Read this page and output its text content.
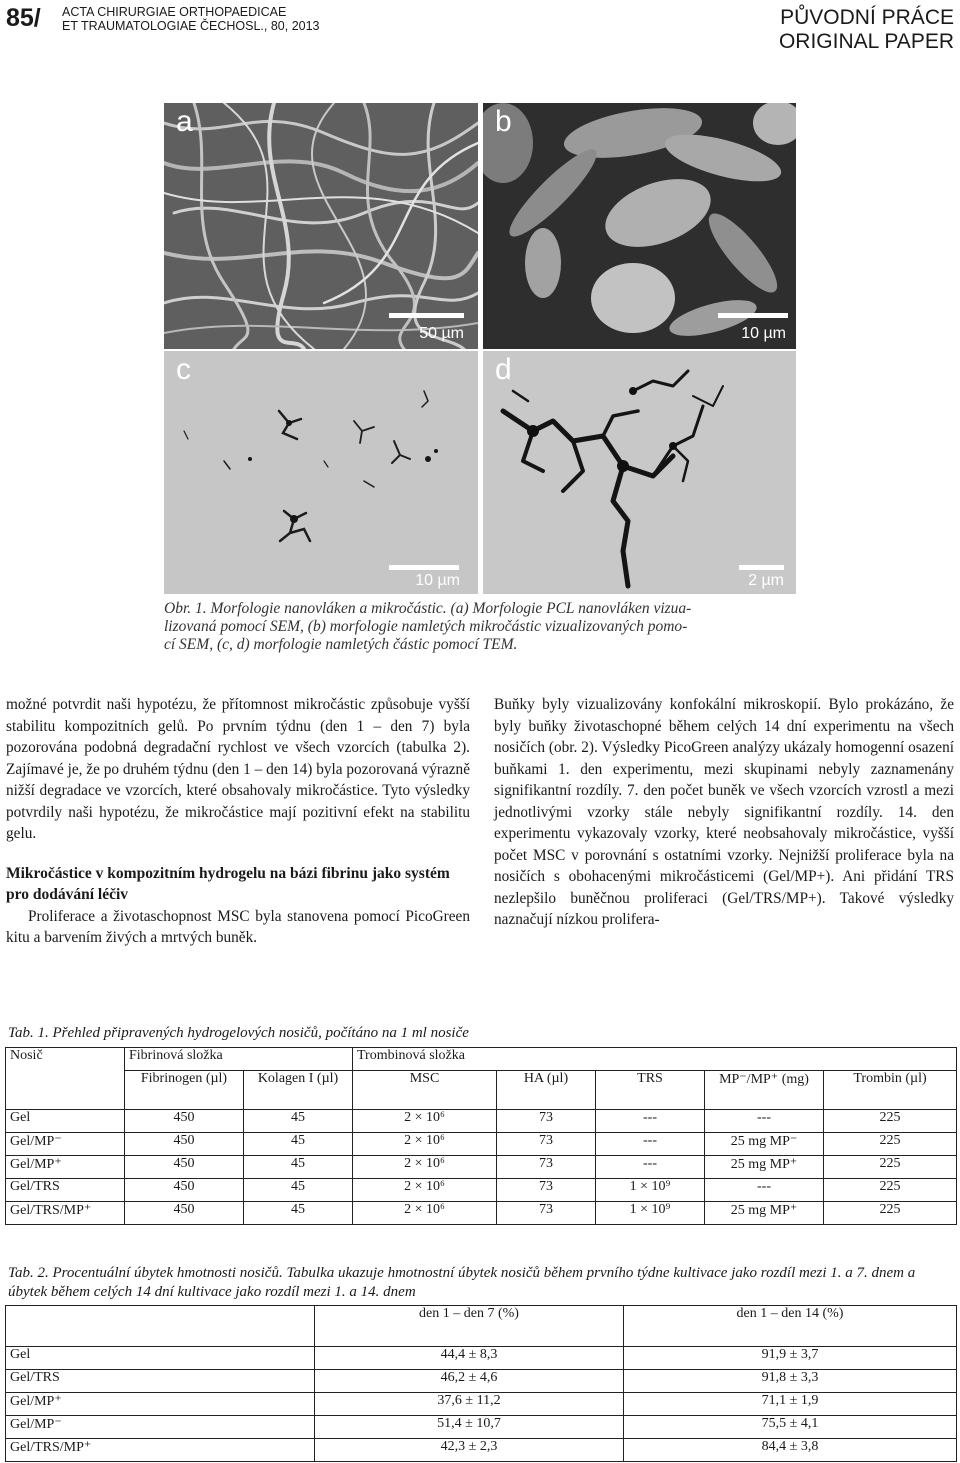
85/ ACTA CHIRURGIAE ORTHOPAEDICAE
ET TRAUMATOLOGIAE ČECHOSL., 80, 2013	PŮVODNÍ PRÁCE
ORIGINAL PAPER
a
50 µm
b
10 µm
c
10 µm
d
2 µm
Obr. 1. Morfologie nanovláken a mikročástic. (a) Morfologie PCL nanovláken vizua-
lizovaná pomocí SEM, (b) morfologie namletých mikročástic vizualizovaných pomo-
cí SEM, (c, d) morfologie namletých částic pomocí TEM.

možné potvrdit naši hypotézu, že přítomnost mikročástic způsobuje vyšší stabilitu kompozitních gelů. Po prvním týdnu (den 1 – den 7) byla pozorována podobná degradační rychlost ve všech vzorcích (tabulka 2). Zajímavé je, že po druhém týdnu (den 1 – den 14) byla pozorovaná výrazně nižší degradace ve vzorcích, které obsahovaly mikročástice. Tyto výsledky potvrdily naši hypotézu, že mikročástice mají pozitivní efekt na stabilitu gelu.

Mikročástice v kompozitním hydrogelu na bázi fibrinu jako systém pro dodávání léčiv

Proliferace a životaschopnost MSC byla stanovena pomocí PicoGreen kitu a barvením živých a mrtvých buněk.

Buňky byly vizualizovány konfokální mikroskopií. Bylo prokázáno, že byly buňky životaschopné během celých 14 dní experimentu na všech nosičích (obr. 2). Výsledky PicoGreen analýzy ukázaly homogenní osazení buňkami 1. den experimentu, mezi skupinami nebyly zaznamenány signifikantní rozdíly. 7. den počet buněk ve všech vzorcích vzrostl a mezi jednotlivými vzorky stále nebyly signifikantní rozdíly. 14. den experimentu vykazovaly vzorky, které neobsahovaly mikročástice, vyšší počet MSC v porovnání s ostatními vzorky. Nejnižší proliferace byla na nosičích s obohacenými mikročásticemi (Gel/MP+). Ani přidání TRS nezlepšilo buněčnou proliferaci (Gel/TRS/MP+). Takové výsledky naznačují nízkou prolifera-

Tab. 1. Přehled připravených hydrogelových nosičů, počítáno na 1 ml nosiče
Nosič	Fibrinová složka		Trombinová složka				
	Fibrinogen (µl)	Kolagen I (µl)	MSC	HA (µl)	TRS	MP⁻/MP⁺ (mg)	Trombin (µl)
Gel	450	45	2 × 10⁶	73	---	---	225
Gel/MP⁻	450	45	2 × 10⁶	73	---	25 mg MP⁻	225
Gel/MP⁺	450	45	2 × 10⁶	73	---	25 mg MP⁺	225
Gel/TRS	450	45	2 × 10⁶	73	1 × 10⁹	---	225
Gel/TRS/MP⁺	450	45	2 × 10⁶	73	1 × 10⁹	25 mg MP⁺	225
Tab. 2. Procentuální úbytek hmotnosti nosičů. Tabulka ukazuje hmotnostní úbytek nosičů během prvního týdne kultivace jako rozdíl mezi 1. a 7. dnem a úbytek během celých 14 dní kultivace jako rozdíl mezi 1. a 14. dnem
	den 1 – den 7 (%)	den 1 – den 14 (%)
Gel	44,4 ± 8,3	91,9 ± 3,7
Gel/TRS	46,2 ± 4,6	91,8 ± 3,3
Gel/MP⁺	37,6 ± 11,2	71,1 ± 1,9
Gel/MP⁻	51,4 ± 10,7	75,5 ± 4,1
Gel/TRS/MP⁺	42,3 ± 2,3	84,4 ± 3,8
